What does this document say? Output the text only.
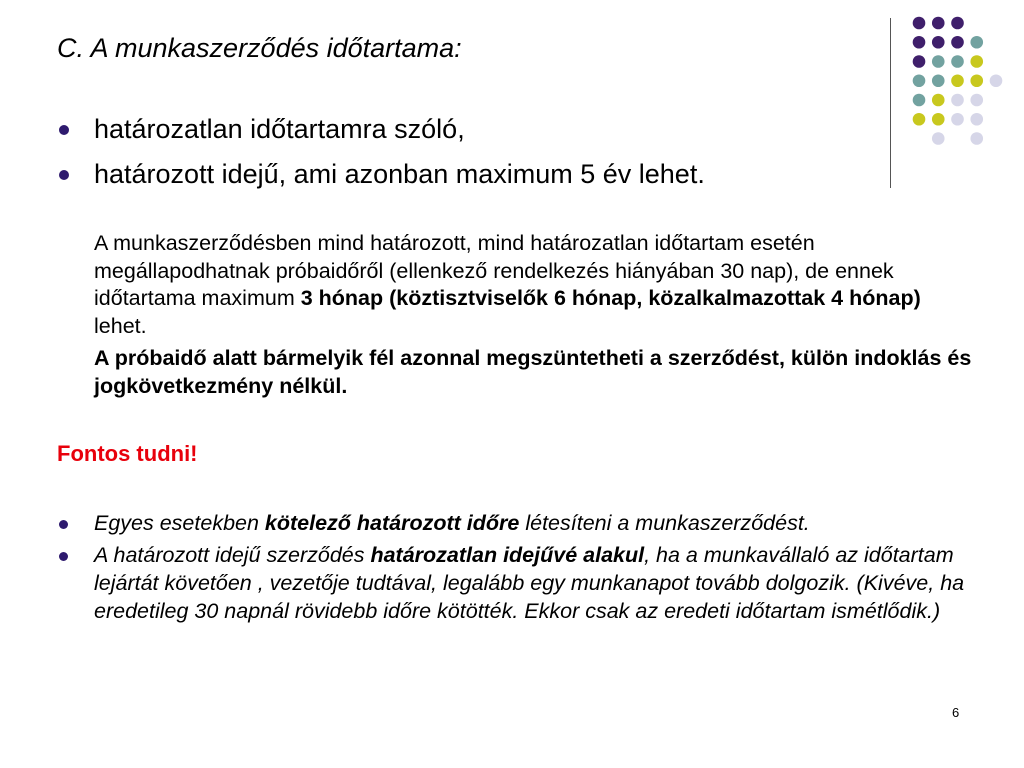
C. A munkaszerződés időtartama:
határozatlan időtartamra szóló,
határozott idejű, ami azonban maximum 5 év lehet.
A munkaszerződésben mind határozott, mind határozatlan időtartam esetén megállapodhatnak próbaidőről (ellenkező rendelkezés hiányában 30 nap), de ennek időtartama maximum 3 hónap (köztisztviselők 6 hónap, közalkalmazottak 4 hónap) lehet.
A próbaidő alatt bármelyik fél azonnal megszüntetheti a szerződést, külön indoklás és jogkövetkezmény nélkül.
Fontos tudni!
Egyes esetekben kötelező határozott időre létesíteni a munkaszerződést.
A határozott idejű szerződés határozatlan idejűvé alakul, ha a munkavállaló az időtartam lejártát követően , vezetője tudtával, legalább egy munkanapot tovább dolgozik. (Kivéve, ha eredetileg 30 napnál rövidebb időre kötötték. Ekkor csak az eredeti időtartam ismétlődik.)
6
